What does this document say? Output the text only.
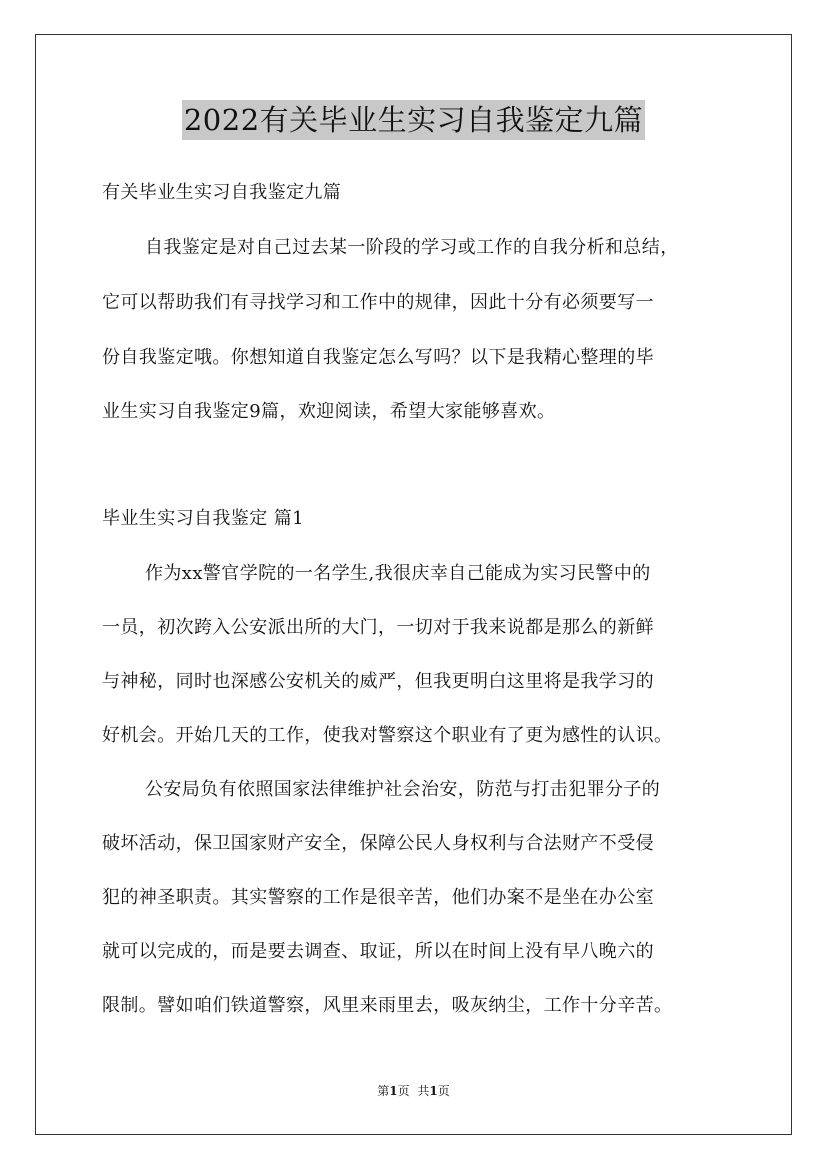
2022有关毕业生实习自我鉴定九篇
有关毕业生实习自我鉴定九篇
自我鉴定是对自己过去某一阶段的学习或工作的自我分析和总结，
它可以帮助我们有寻找学习和工作中的规律，因此十分有必须要写一
份自我鉴定哦。你想知道自我鉴定怎么写吗？以下是我精心整理的毕
业生实习自我鉴定9篇，欢迎阅读，希望大家能够喜欢。
毕业生实习自我鉴定 篇1
作为xx警官学院的一名学生,我很庆幸自己能成为实习民警中的
一员，初次跨入公安派出所的大门，一切对于我来说都是那么的新鲜
与神秘，同时也深感公安机关的威严，但我更明白这里将是我学习的
好机会。开始几天的工作，使我对警察这个职业有了更为感性的认识。
公安局负有依照国家法律维护社会治安，防范与打击犯罪分子的
破坏活动，保卫国家财产安全，保障公民人身权利与合法财产不受侵
犯的神圣职责。其实警察的工作是很辛苦，他们办案不是坐在办公室
就可以完成的，而是要去调查、取证，所以在时间上没有早八晚六的
限制。譬如咱们铁道警察，风里来雨里去，吸灰纳尘，工作十分辛苦。
第1页 共1页
